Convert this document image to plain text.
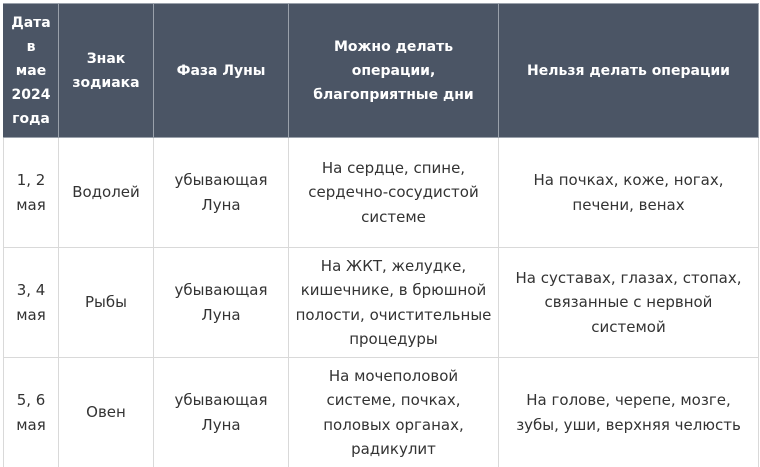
Дата в мае 2024 года	Знак зодиака	Фаза Луны	Можно делать операции, благоприятные дни	Нельзя делать операции
1, 2 мая	Водолей	убывающая Луна	На сердце, спине, сердечно-сосудистой системе	На почках, коже, ногах, печени, венах
3, 4 мая	Рыбы	убывающая Луна	На ЖКТ, желудке, кишечнике, в брюшной полости, очистительные процедуры	На суставах, глазах, стопах, связанные с нервной системой
5, 6 мая	Овен	убывающая Луна	На мочеполовой системе, почках, половых органах, радикулит	На голове, черепе, мозге, зубы, уши, верхняя челюсть
